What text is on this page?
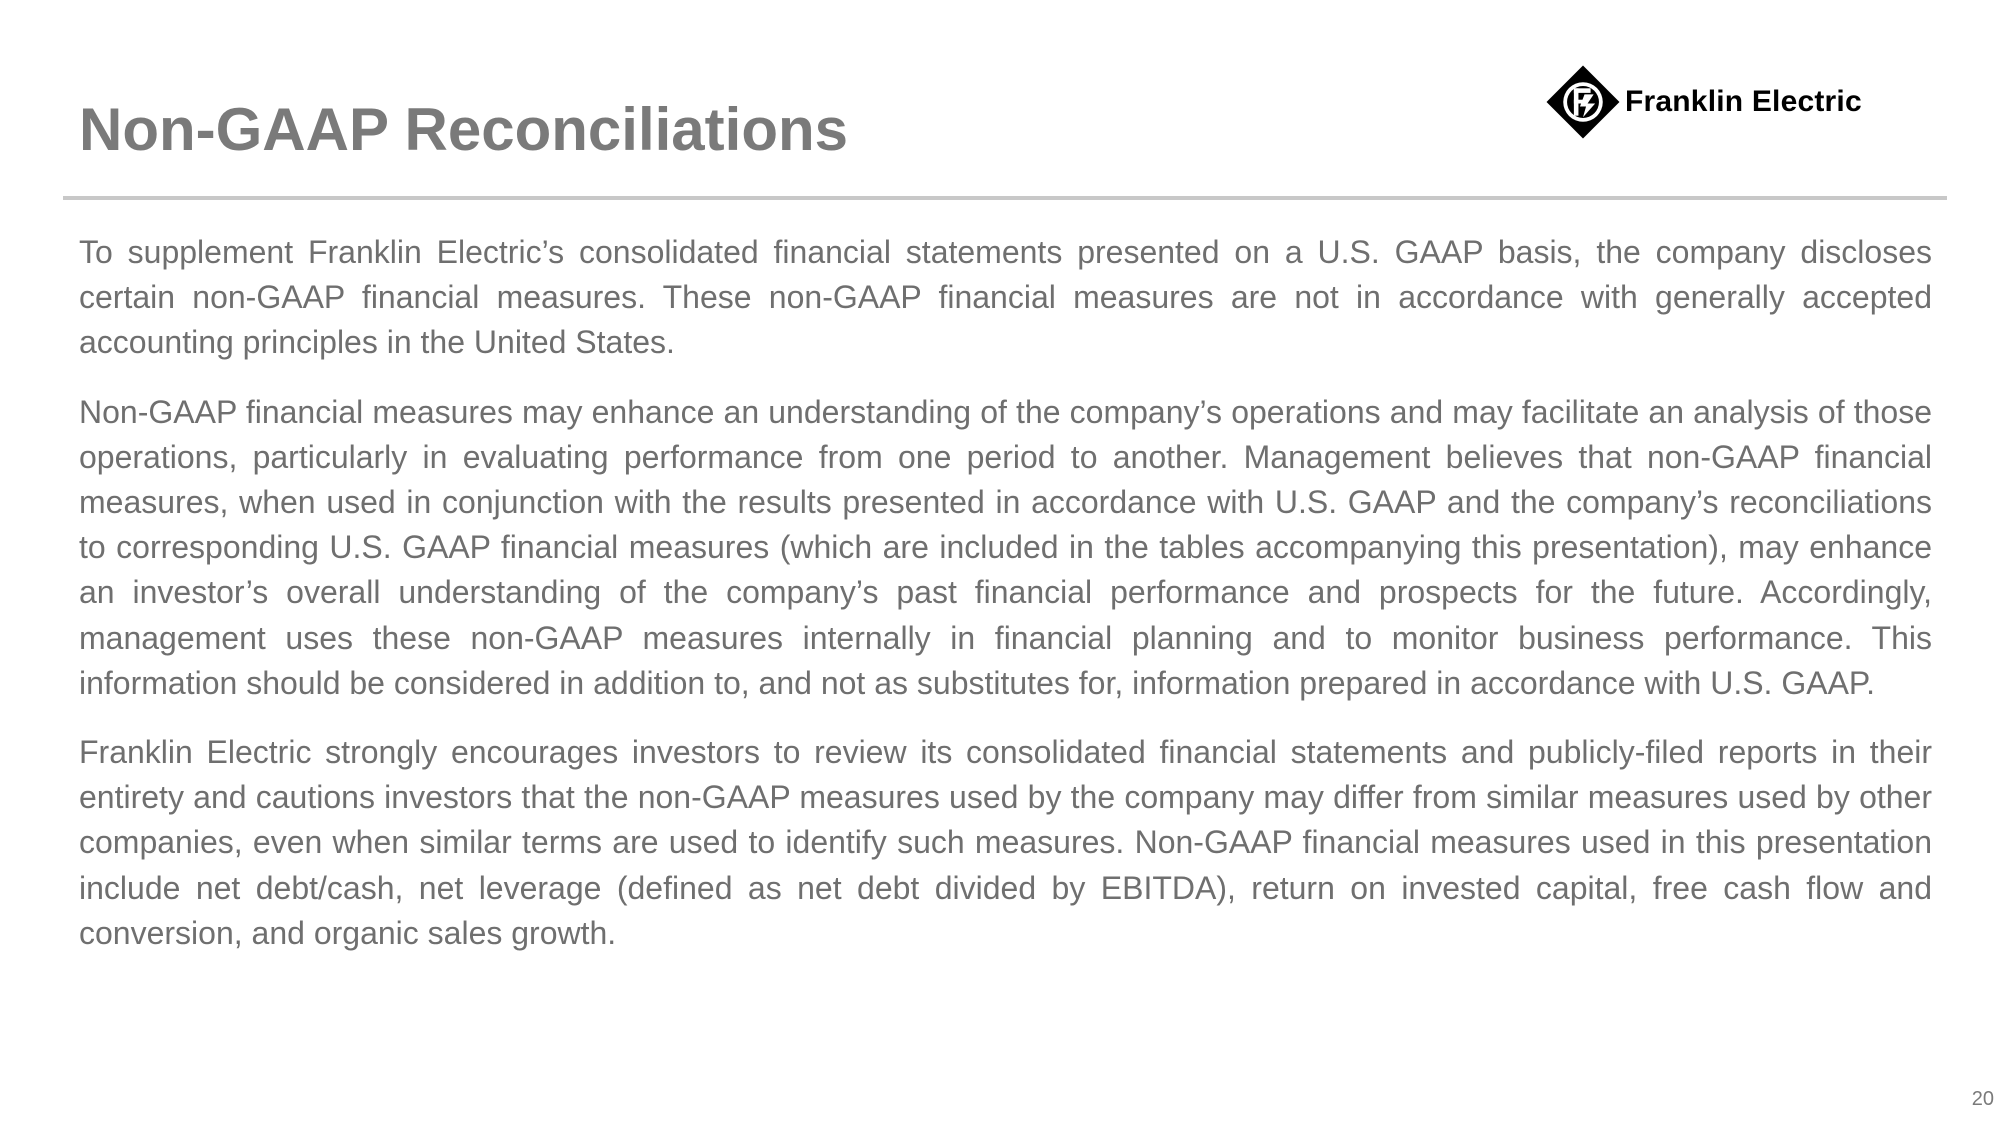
Non-GAAP Reconciliations	Franklin Electric

To supplement Franklin Electric’s consolidated financial statements presented on a U.S. GAAP basis, the company discloses certain non-GAAP financial measures. These non-GAAP financial measures are not in accordance with generally accepted accounting principles in the United States.

Non-GAAP financial measures may enhance an understanding of the company’s operations and may facilitate an analysis of those operations, particularly in evaluating performance from one period to another. Management believes that non-GAAP financial measures, when used in conjunction with the results presented in accordance with U.S. GAAP and the company’s reconciliations to corresponding U.S. GAAP financial measures (which are included in the tables accompanying this presentation), may enhance an investor’s overall understanding of the company’s past financial performance and prospects for the future. Accordingly, management uses these non-GAAP measures internally in financial planning and to monitor business performance. This information should be considered in addition to, and not as substitutes for, information prepared in accordance with U.S. GAAP.

Franklin Electric strongly encourages investors to review its consolidated financial statements and publicly-filed reports in their entirety and cautions investors that the non-GAAP measures used by the company may differ from similar measures used by other companies, even when similar terms are used to identify such measures. Non-GAAP financial measures used in this presentation include net debt/cash, net leverage (defined as net debt divided by EBITDA), return on invested capital, free cash flow and conversion, and organic sales growth.

20
